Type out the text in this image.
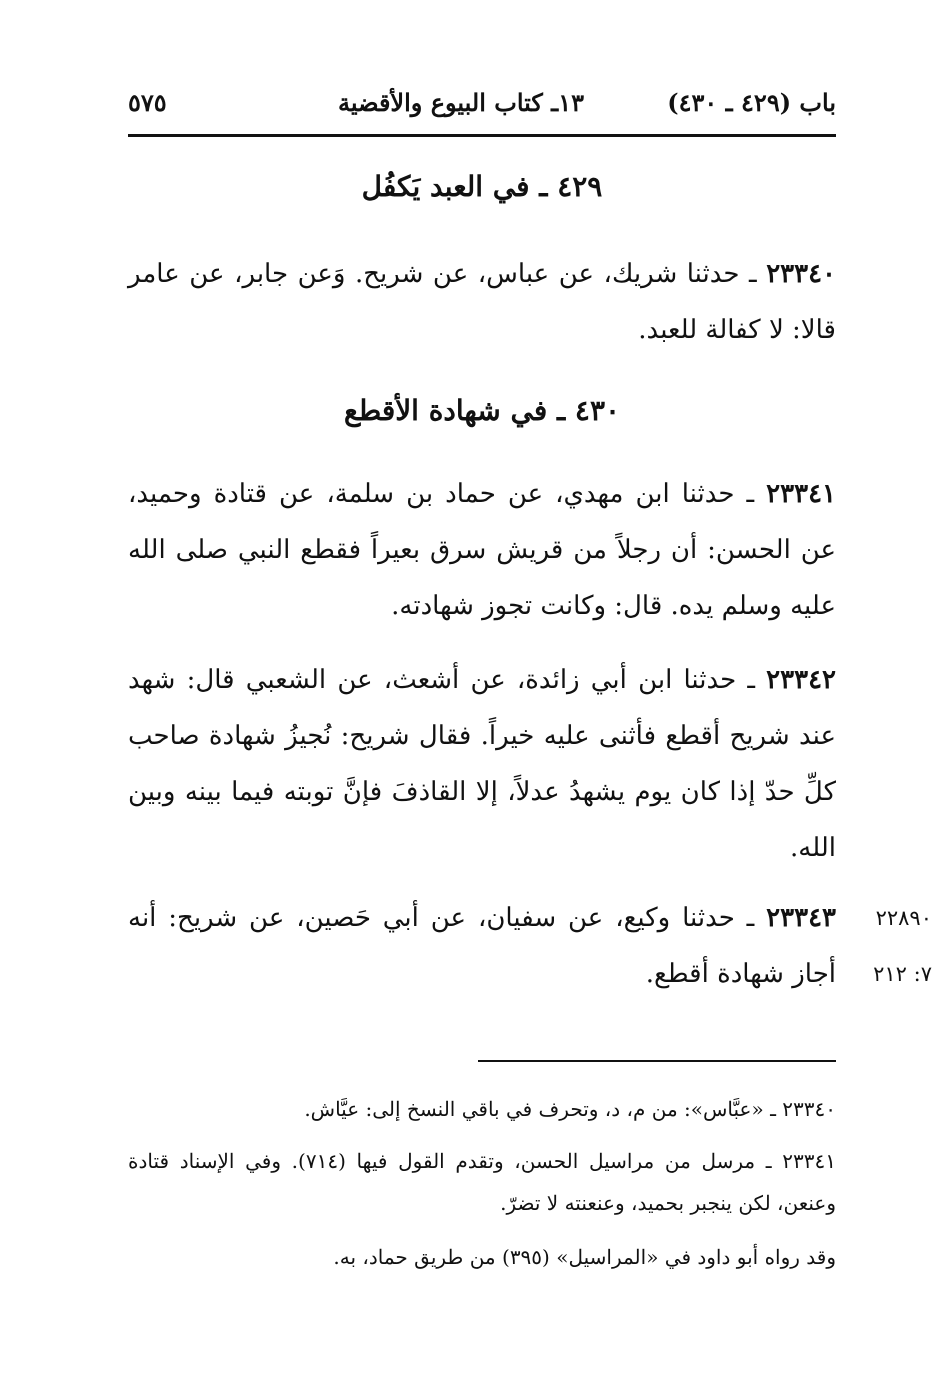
باب (٤٢٩ ـ ٤٣٠)
١٣ـ كتاب البيوع والأقضية
٥٧٥
٤٢٩ ـ في العبد يَكفُل
٢٣٣٤٠ ـ حدثنا شريك، عن عباس، عن شريح. وَعن جابر، عن عامر قالا: لا كفالة للعبد.
٤٣٠ ـ في شهادة الأقطع
٢٣٣٤١ ـ حدثنا ابن مهدي، عن حماد بن سلمة، عن قتادة وحميد، عن الحسن: أن رجلاً من قريش سرق بعيراً فقطع النبي صلى الله عليه وسلم يده. قال: وكانت تجوز شهادته.
٢٣٣٤٢ ـ حدثنا ابن أبي زائدة، عن أشعث، عن الشعبي قال: شهد عند شريح أقطع فأثنى عليه خيراً. فقال شريح: نُجيزُ شهادة صاحب كلِّ حدّ إذا كان يوم يشهدُ عدلاً، إلا القاذفَ فإنَّ توبته فيما بينه وبين الله.
٢٣٣٤٣ ـ حدثنا وكيع، عن سفيان، عن أبي حَصين، عن شريح: أنه أجاز شهادة أقطع.
٢٢٨٩٠
٧: ٢١٢
٢٣٣٤٠ ـ «عبَّاس»: من م، د، وتحرف في باقي النسخ إلى: عيَّاش.
٢٣٣٤١ ـ مرسل من مراسيل الحسن، وتقدم القول فيها (٧١٤). وفي الإسناد قتادة وعنعن، لكن ينجبر بحميد، وعنعنته لا تضرّ.
وقد رواه أبو داود في «المراسيل» (٣٩٥) من طريق حماد، به.
